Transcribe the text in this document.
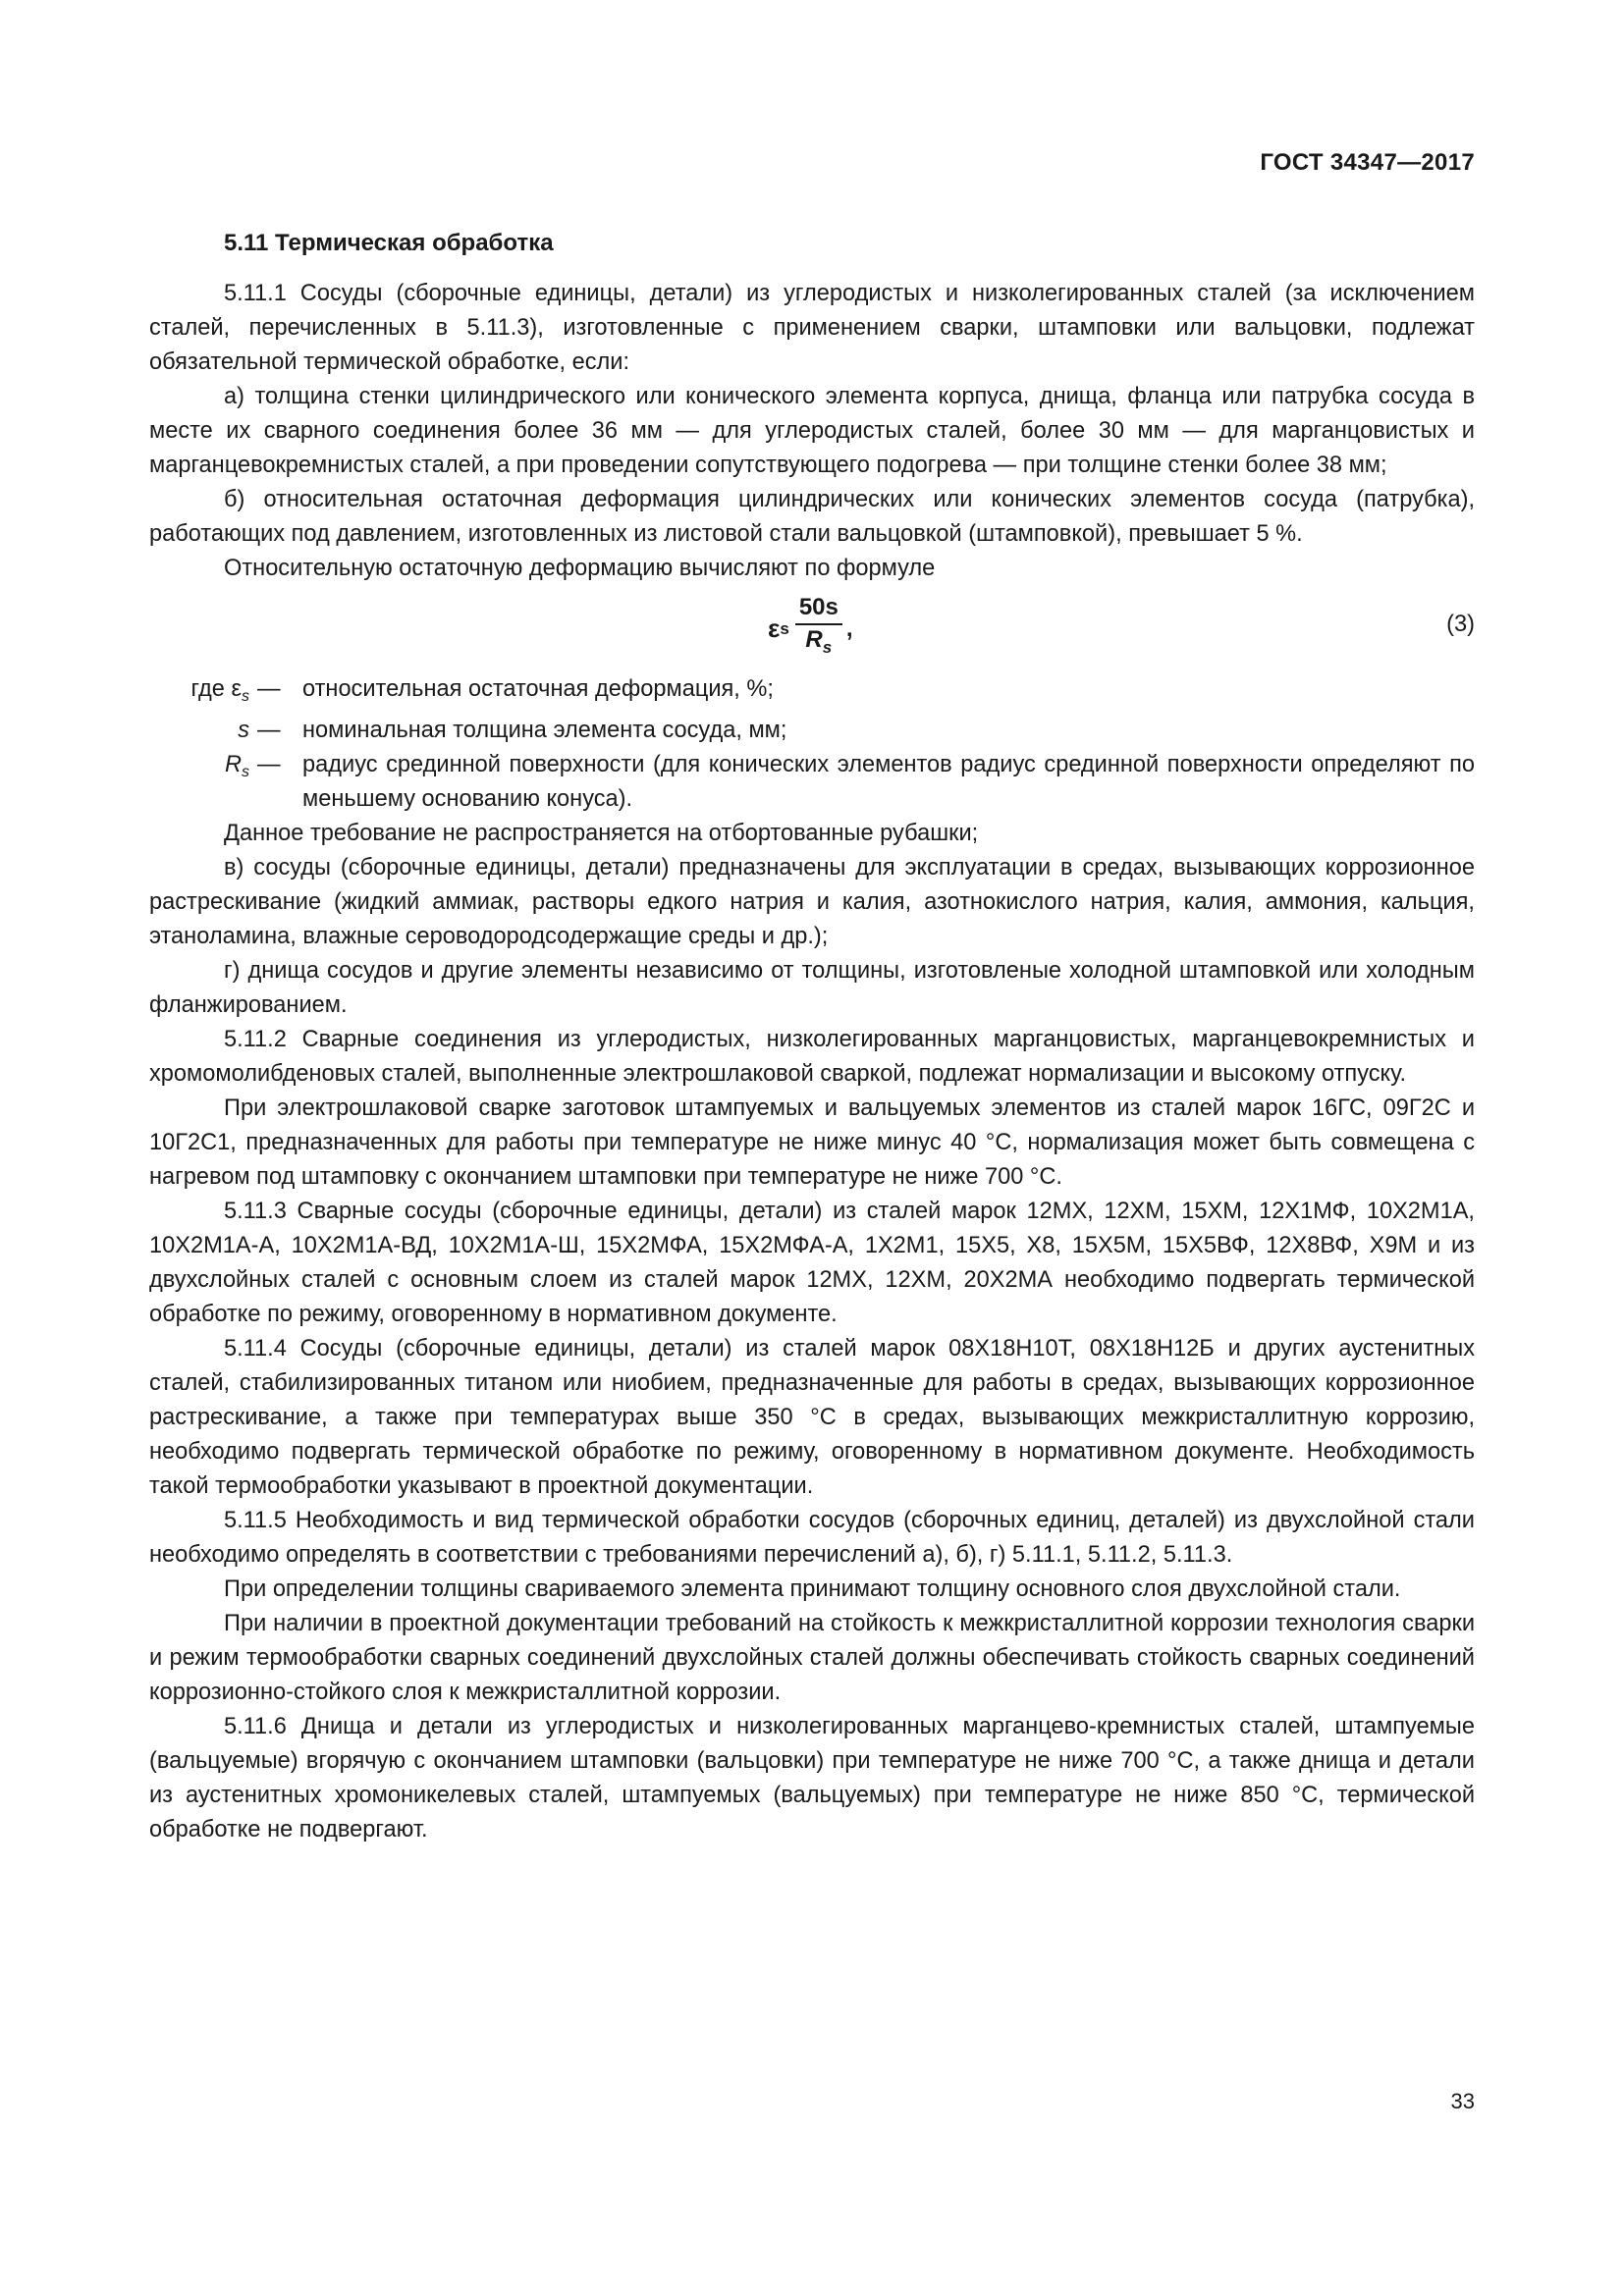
ГОСТ 34347—2017
5.11 Термическая обработка

5.11.1 Сосуды (сборочные единицы, детали) из углеродистых и низколегированных сталей (за исключением сталей, перечисленных в 5.11.3), изготовленные с применением сварки, штамповки или вальцовки, подлежат обязательной термической обработке, если:

а) толщина стенки цилиндрического или конического элемента корпуса, днища, фланца или патрубка сосуда в месте их сварного соединения более 36 мм — для углеродистых сталей, более 30 мм — для марганцовистых и марганцевокремнистых сталей, а при проведении сопутствующего подогрева — при толщине стенки более 38 мм;

б) относительная остаточная деформация цилиндрических или конических элементов сосуда (патрубка), работающих под давлением, изготовленных из листовой стали вальцовкой (штамповкой), превышает 5 %.

Относительную остаточную деформацию вычисляют по формуле

ε s $\frac{50s}{R_s}$ ,	(3)
где $\varepsilon_s$ — относительная остаточная деформация, %;
s — номинальная толщина элемента сосуда, мм;
$R_s$ — радиус срединной поверхности (для конических элементов радиус срединной поверхности определяют по меньшему основанию конуса).

Данное требование не распространяется на отбортованные рубашки;

в) сосуды (сборочные единицы, детали) предназначены для эксплуатации в средах, вызывающих коррозионное растрескивание (жидкий аммиак, растворы едкого натрия и калия, азотнокислого натрия, калия, аммония, кальция, этаноламина, влажные сероводородсодержащие среды и др.);

г) днища сосудов и другие элементы независимо от толщины, изготовленые холодной штамповкой или холодным фланжированием.

5.11.2 Сварные соединения из углеродистых, низколегированных марганцовистых, марганцевокремнистых и хромомолибденовых сталей, выполненные электрошлаковой сваркой, подлежат нормализации и высокому отпуску.

При электрошлаковой сварке заготовок штампуемых и вальцуемых элементов из сталей марок 16ГС, 09Г2С и 10Г2С1, предназначенных для работы при температуре не ниже минус 40 °С, нормализация может быть совмещена с нагревом под штамповку с окончанием штамповки при температуре не ниже 700 °С.

5.11.3 Сварные сосуды (сборочные единицы, детали) из сталей марок 12МХ, 12ХМ, 15ХМ, 12Х1МФ, 10Х2М1А, 10Х2М1А-А, 10Х2М1А-ВД, 10Х2М1А-Ш, 15Х2МФА, 15Х2МФА-А, 1Х2М1, 15Х5, Х8, 15Х5М, 15Х5ВФ, 12Х8ВФ, Х9М и из двухслойных сталей с основным слоем из сталей марок 12МХ, 12ХМ, 20Х2МА необходимо подвергать термической обработке по режиму, оговоренному в нормативном документе.

5.11.4 Сосуды (сборочные единицы, детали) из сталей марок 08Х18Н10Т, 08Х18Н12Б и других аустенитных сталей, стабилизированных титаном или ниобием, предназначенные для работы в средах, вызывающих коррозионное растрескивание, а также при температурах выше 350 °С в средах, вызывающих межкристаллитную коррозию, необходимо подвергать термической обработке по режиму, оговоренному в нормативном документе. Необходимость такой термообработки указывают в проектной документации.

5.11.5 Необходимость и вид термической обработки сосудов (сборочных единиц, деталей) из двухслойной стали необходимо определять в соответствии с требованиями перечислений а), б), г) 5.11.1, 5.11.2, 5.11.3.

При определении толщины свариваемого элемента принимают толщину основного слоя двухслойной стали.

При наличии в проектной документации требований на стойкость к межкристаллитной коррозии технология сварки и режим термообработки сварных соединений двухслойных сталей должны обеспечивать стойкость сварных соединений коррозионно-стойкого слоя к межкристаллитной коррозии.

5.11.6 Днища и детали из углеродистых и низколегированных марганцево-кремнистых сталей, штампуемые (вальцуемые) вгорячую с окончанием штамповки (вальцовки) при температуре не ниже 700 °С, а также днища и детали из аустенитных хромоникелевых сталей, штампуемых (вальцуемых) при температуре не ниже 850 °С, термической обработке не подвергают.

33
